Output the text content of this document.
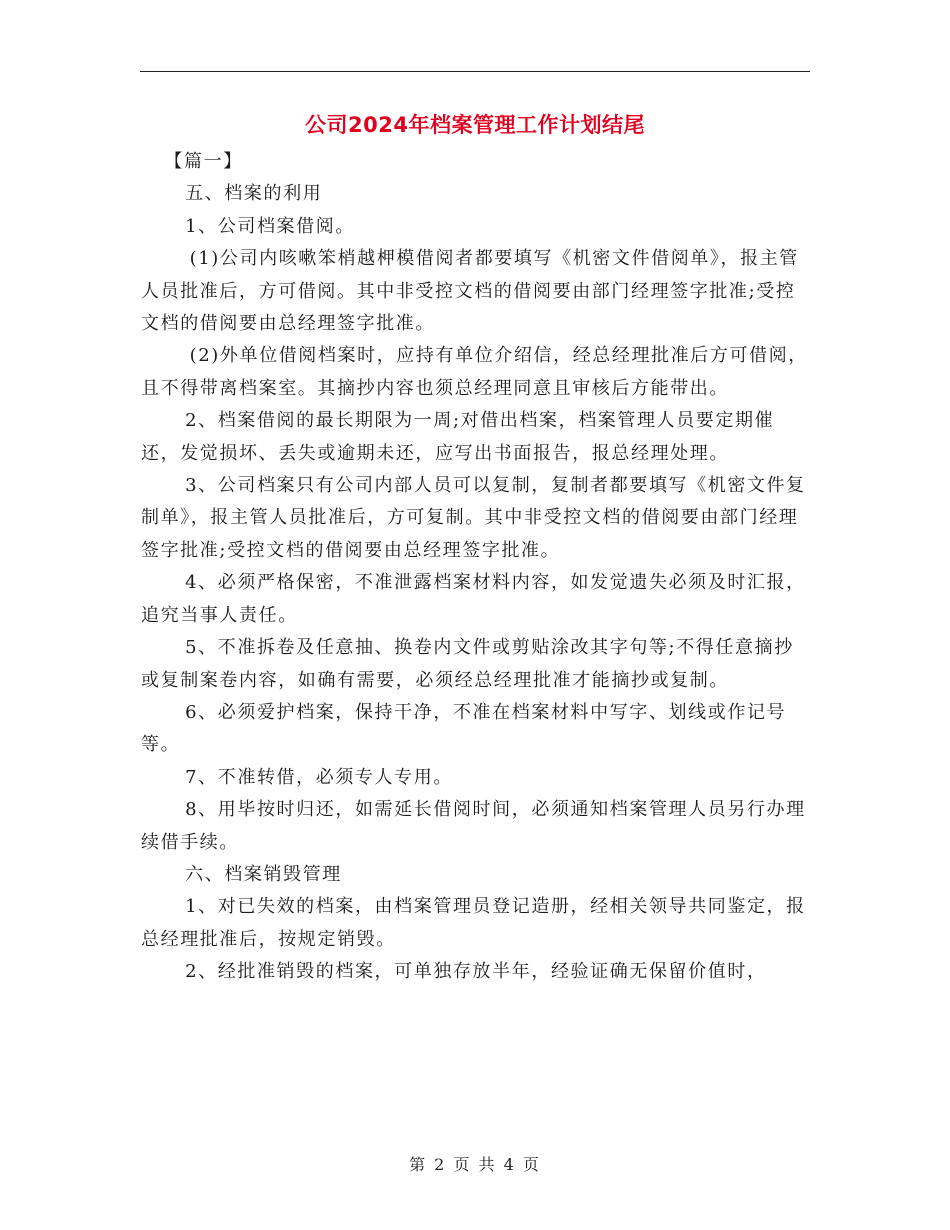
公司2024年档案管理工作计划结尾

【篇一】

五、档案的利用

1、公司档案借阅。

(1)公司内咳嗽笨梢越柙模借阅者都要填写《机密文件借阅单》，报主管人员批准后，方可借阅。其中非受控文档的借阅要由部门经理签字批准;受控文档的借阅要由总经理签字批准。

(2)外单位借阅档案时，应持有单位介绍信，经总经理批准后方可借阅，且不得带离档案室。其摘抄内容也须总经理同意且审核后方能带出。

2、档案借阅的最长期限为一周;对借出档案，档案管理人员要定期催还，发觉损坏、丢失或逾期未还，应写出书面报告，报总经理处理。

3、公司档案只有公司内部人员可以复制，复制者都要填写《机密文件复制单》，报主管人员批准后，方可复制。其中非受控文档的借阅要由部门经理签字批准;受控文档的借阅要由总经理签字批准。

4、必须严格保密，不准泄露档案材料内容，如发觉遗失必须及时汇报，追究当事人责任。

5、不准拆卷及任意抽、换卷内文件或剪贴涂改其字句等;不得任意摘抄或复制案卷内容，如确有需要，必须经总经理批准才能摘抄或复制。

6、必须爱护档案，保持干净，不准在档案材料中写字、划线或作记号等。

7、不准转借，必须专人专用。

8、用毕按时归还，如需延长借阅时间，必须通知档案管理人员另行办理续借手续。

六、档案销毁管理

1、对已失效的档案，由档案管理员登记造册，经相关领导共同鉴定，报总经理批准后，按规定销毁。

2、经批准销毁的档案，可单独存放半年，经验证确无保留价值时，

第 2 页 共 4 页
